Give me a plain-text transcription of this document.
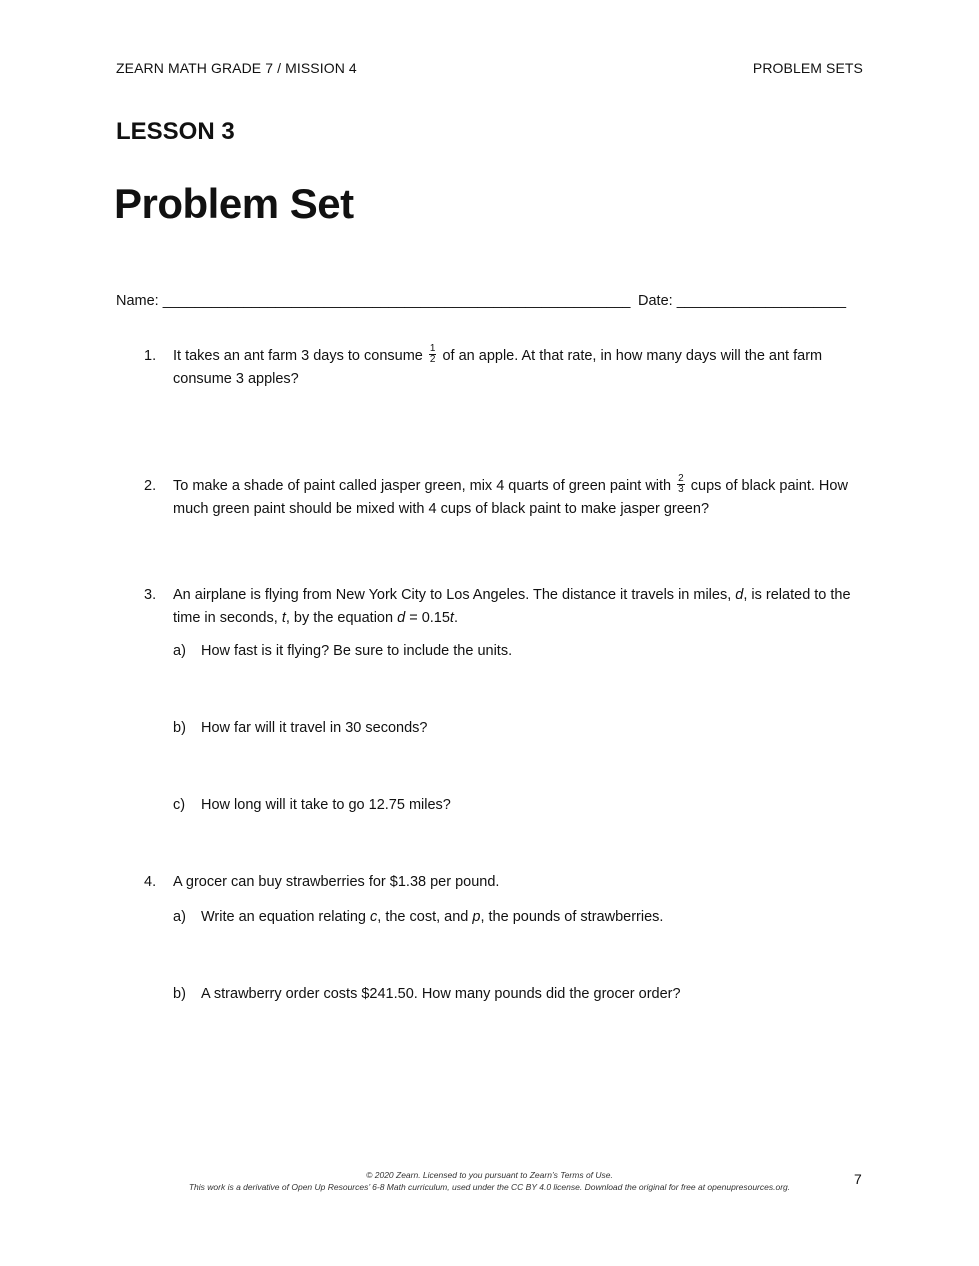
ZEARN MATH GRADE 7 / MISSION 4	PROBLEM SETS
LESSON 3
Problem Set
Name: __________________________________________________________ Date: _____________________
1. It takes an ant farm 3 days to consume $\frac{1}{2}$ of an apple. At that rate, in how many days will the ant farm consume 3 apples?
2. To make a shade of paint called jasper green, mix 4 quarts of green paint with $\frac{2}{3}$ cups of black paint. How much green paint should be mixed with 4 cups of black paint to make jasper green?
3. An airplane is flying from New York City to Los Angeles. The distance it travels in miles, d, is related to the time in seconds, t, by the equation d = 0.15t.
a) How fast is it flying? Be sure to include the units.
b) How far will it travel in 30 seconds?
c) How long will it take to go 12.75 miles?
4. A grocer can buy strawberries for $1.38 per pound.
a) Write an equation relating c, the cost, and p, the pounds of strawberries.
b) A strawberry order costs $241.50. How many pounds did the grocer order?
© 2020 Zearn. Licensed to you pursuant to Zearn’s Terms of Use.
This work is a derivative of Open Up Resources’ 6-8 Math curriculum, used under the CC BY 4.0 license. Download the original for free at openupresources.org.	7
